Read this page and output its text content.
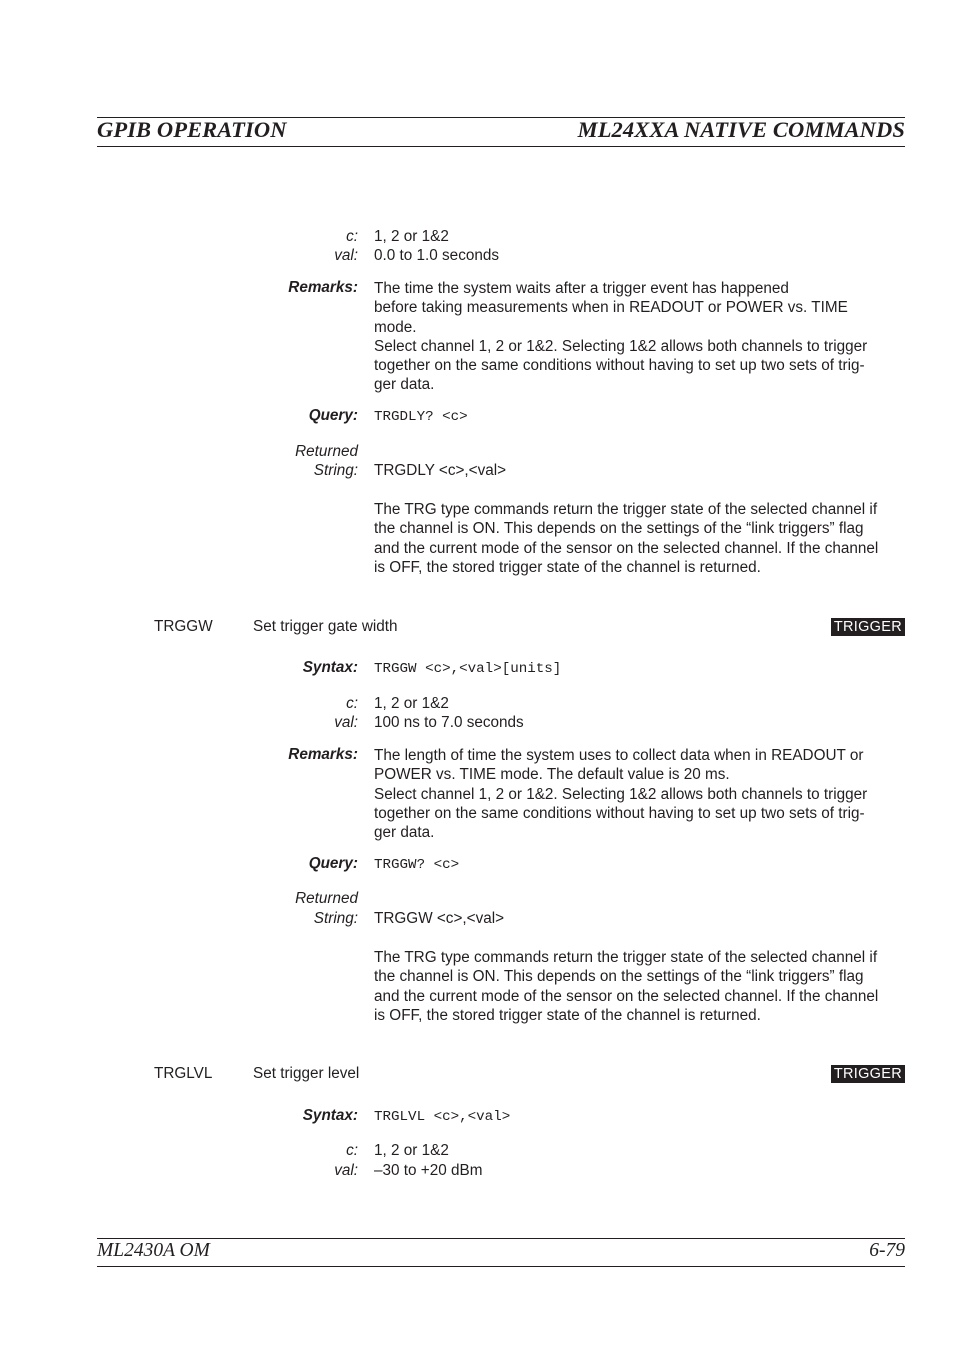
GPIB OPERATION	ML24XXA NATIVE COMMANDS
c: 1, 2 or 1&2
val: 0.0 to 1.0 seconds
Remarks: The time the system waits after a trigger event has happened

before taking measurements when in READOUT or POWER vs. TIME

mode.

Select channel 1, 2 or 1&2. Selecting 1&2 allows both channels to trigger

together on the same conditions without having to set up two sets of trig-

ger data.

Query: TRGDLY? <c>
Returned
String: TRGDLY <c>,<val>

The TRG type commands return the trigger state of the selected channel if

the channel is ON. This depends on the settings of the “link triggers” flag

and the current mode of the sensor on the selected channel. If the channel

is OFF, the stored trigger state of the channel is returned.

TRGGW	Set trigger gate width	TRIGGER
Syntax: TRGGW <c>,<val>[units]
c: 1, 2 or 1&2
val: 100 ns to 7.0 seconds
Remarks: The length of time the system uses to collect data when in READOUT or

POWER vs. TIME mode. The default value is 20 ms.

Select channel 1, 2 or 1&2. Selecting 1&2 allows both channels to trigger

together on the same conditions without having to set up two sets of trig-

ger data.

Query: TRGGW? <c>
Returned
String: TRGGW <c>,<val>

The TRG type commands return the trigger state of the selected channel if

the channel is ON. This depends on the settings of the “link triggers” flag

and the current mode of the sensor on the selected channel. If the channel

is OFF, the stored trigger state of the channel is returned.

TRGLVL	Set trigger level	TRIGGER
Syntax: TRGLVL <c>,<val>
c: 1, 2 or 1&2
val: –30 to +20 dBm
ML2430A OM	6-79
